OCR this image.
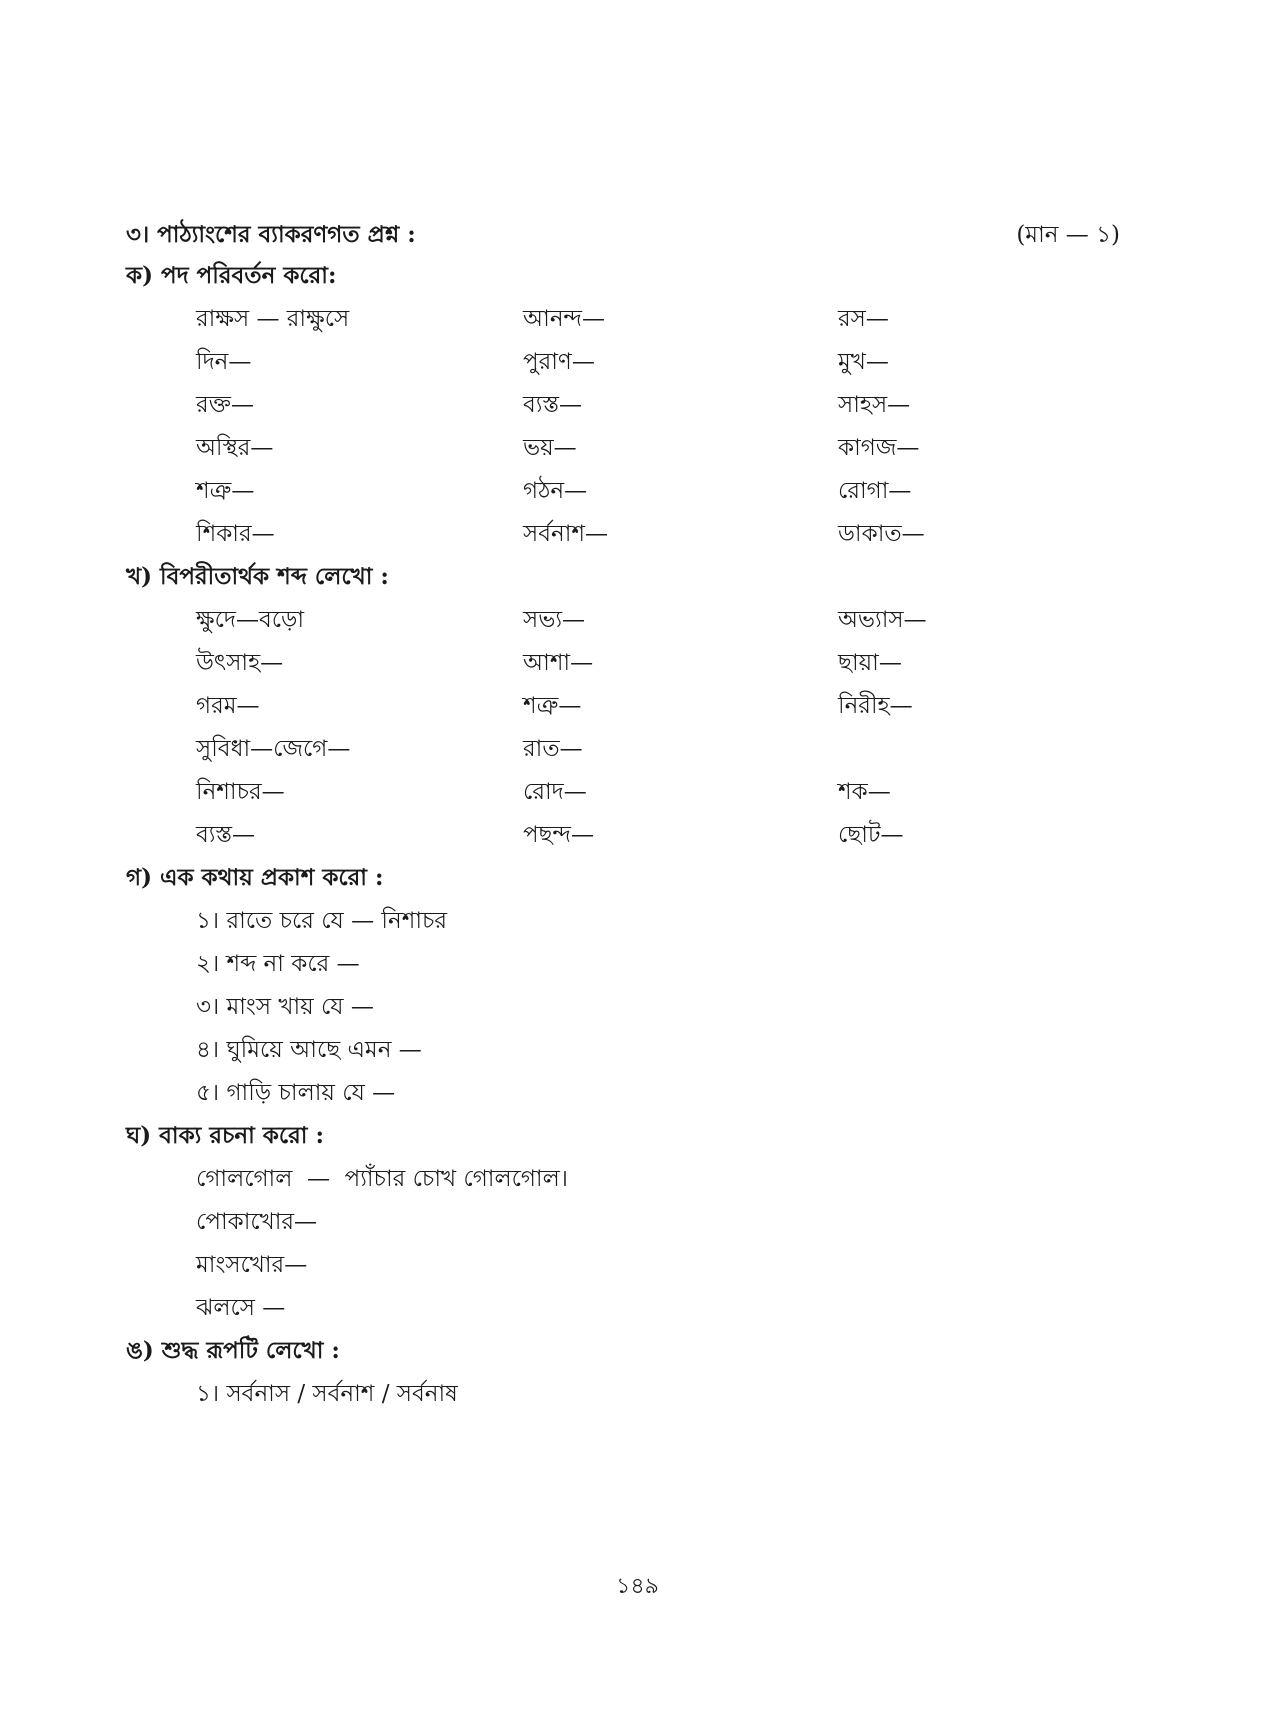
৩। পাঠ্যাংশের ব্যাকরণগত প্রশ্ন :	(মান — ১)
ক) পদ পরিবর্তন করো:
রাক্ষস — রাক্ষুসে	আনন্দ—	রস—
দিন—	পুরাণ—	মুখ—
রক্ত—	ব্যস্ত—	সাহস—
অস্থির—	ভয়—	কাগজ—
শত্রু—	গঠন—	রোগা—
শিকার—	সর্বনাশ—	ডাকাত—
খ) বিপরীতার্থক শব্দ লেখো :
ক্ষুদে—বড়ো	সভ্য—	অভ্যাস—
উৎসাহ—	আশা—	ছায়া—
গরম—	শত্রু—	নিরীহ—
সুবিধা—জেগে—	রাত—
নিশাচর—	রোদ—	শক—
ব্যস্ত—	পছন্দ—	ছোট—
গ) এক কথায় প্রকাশ করো :
১। রাতে চরে যে — নিশাচর
২। শব্দ না করে —
৩। মাংস খায় যে —
৪। ঘুমিয়ে আছে এমন —
৫। গাড়ি চালায় যে —
ঘ) বাক্য রচনা করো :
গোলগোল  —  প্যাঁচার চোখ গোলগোল।
পোকাখোর—
মাংসখোর—
ঝলসে —
ঙ) শুদ্ধ রূপটি লেখো :
১। সর্বনাস / সর্বনাশ / সর্বনাষ
১৪৯
